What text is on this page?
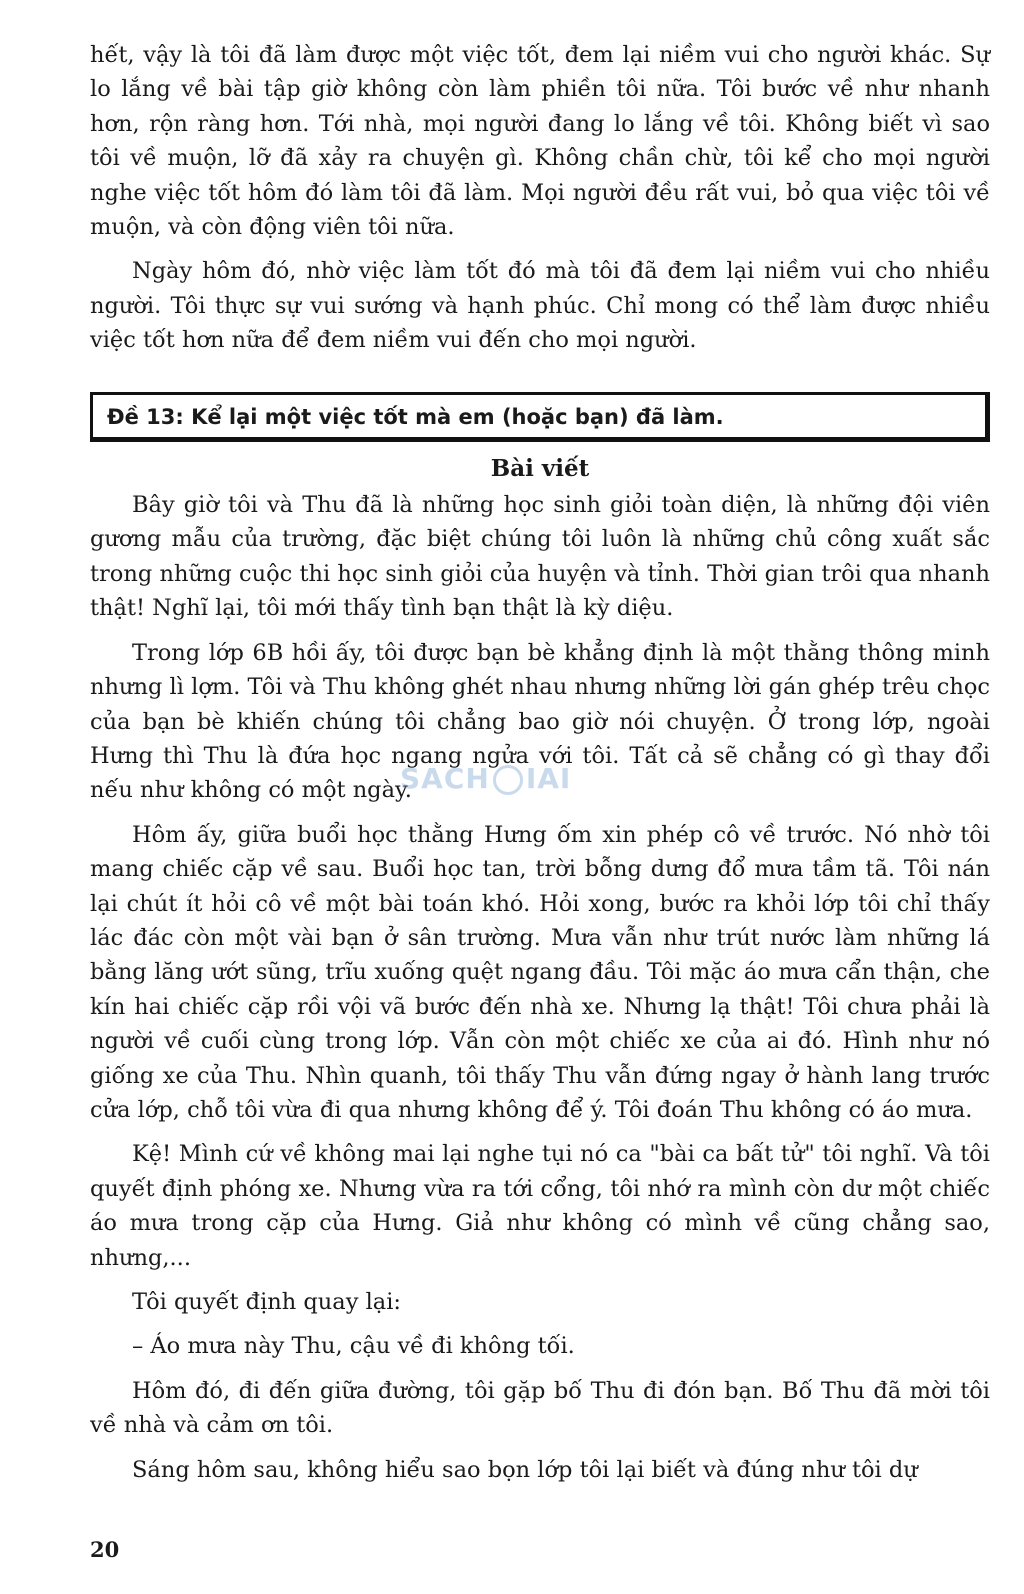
hết, vậy là tôi đã làm được một việc tốt, đem lại niềm vui cho người khác. Sự lo lắng về bài tập giờ không còn làm phiền tôi nữa. Tôi bước về như nhanh hơn, rộn ràng hơn. Tới nhà, mọi người đang lo lắng về tôi. Không biết vì sao tôi về muộn, lỡ đã xảy ra chuyện gì. Không chần chừ, tôi kể cho mọi người nghe việc tốt hôm đó làm tôi đã làm. Mọi người đều rất vui, bỏ qua việc tôi về muộn, và còn động viên tôi nữa.

Ngày hôm đó, nhờ việc làm tốt đó mà tôi đã đem lại niềm vui cho nhiều người. Tôi thực sự vui sướng và hạnh phúc. Chỉ mong có thể làm được nhiều việc tốt hơn nữa để đem niềm vui đến cho mọi người.

Đề 13: Kể lại một việc tốt mà em (hoặc bạn) đã làm.

Bài viết

Bây giờ tôi và Thu đã là những học sinh giỏi toàn diện, là những đội viên gương mẫu của trường, đặc biệt chúng tôi luôn là những chủ công xuất sắc trong những cuộc thi học sinh giỏi của huyện và tỉnh. Thời gian trôi qua nhanh thật! Nghĩ lại, tôi mới thấy tình bạn thật là kỳ diệu.

Trong lớp 6B hồi ấy, tôi được bạn bè khẳng định là một thằng thông minh nhưng lì lợm. Tôi và Thu không ghét nhau nhưng những lời gán ghép trêu chọc của bạn bè khiến chúng tôi chẳng bao giờ nói chuyện. Ở trong lớp, ngoài Hưng thì Thu là đứa học ngang ngửa với tôi. Tất cả sẽ chẳng có gì thay đổi nếu như không có một ngày.

Hôm ấy, giữa buổi học thằng Hưng ốm xin phép cô về trước. Nó nhờ tôi mang chiếc cặp về sau. Buổi học tan, trời bỗng dưng đổ mưa tầm tã. Tôi nán lại chút ít hỏi cô về một bài toán khó. Hỏi xong, bước ra khỏi lớp tôi chỉ thấy lác đác còn một vài bạn ở sân trường. Mưa vẫn như trút nước làm những lá bằng lăng ướt sũng, trĩu xuống quệt ngang đầu. Tôi mặc áo mưa cẩn thận, che kín hai chiếc cặp rồi vội vã bước đến nhà xe. Nhưng lạ thật! Tôi chưa phải là người về cuối cùng trong lớp. Vẫn còn một chiếc xe của ai đó. Hình như nó giống xe của Thu. Nhìn quanh, tôi thấy Thu vẫn đứng ngay ở hành lang trước cửa lớp, chỗ tôi vừa đi qua nhưng không để ý. Tôi đoán Thu không có áo mưa.

Kệ! Mình cứ về không mai lại nghe tụi nó ca "bài ca bất tử" tôi nghĩ. Và tôi quyết định phóng xe. Nhưng vừa ra tới cổng, tôi nhớ ra mình còn dư một chiếc áo mưa trong cặp của Hưng. Giả như không có mình về cũng chẳng sao, nhưng,...

Tôi quyết định quay lại:

– Áo mưa này Thu, cậu về đi không tối.

Hôm đó, đi đến giữa đường, tôi gặp bố Thu đi đón bạn. Bố Thu đã mời tôi về nhà và cảm ơn tôi.

Sáng hôm sau, không hiểu sao bọn lớp tôi lại biết và đúng như tôi dự

SACH IAI
20
